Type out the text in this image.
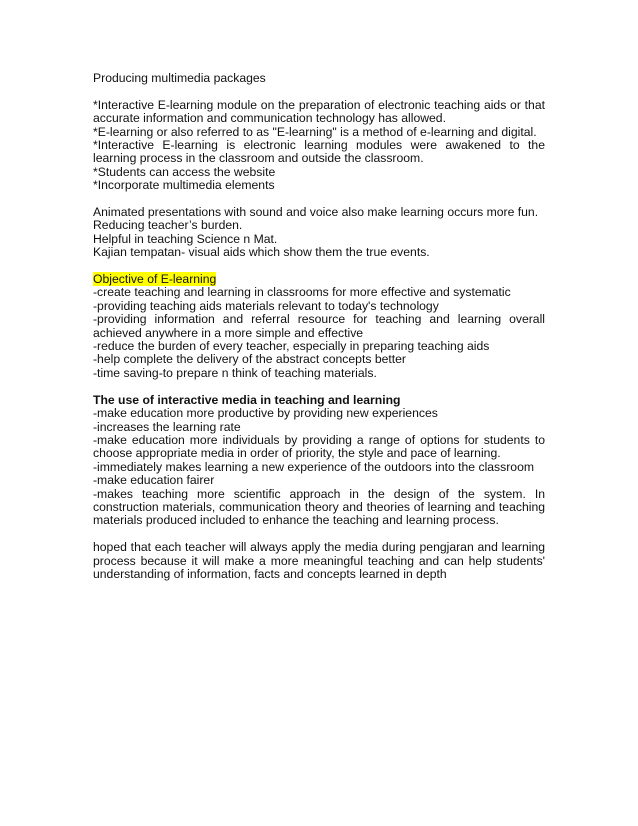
Producing multimedia packages
*Interactive E-learning module on the preparation of electronic teaching aids or that accurate information and communication technology has allowed.
*E-learning or also referred to as "E-learning" is a method of e-learning and digital.
*Interactive E-learning is electronic learning modules were awakened to the learning process in the classroom and outside the classroom.
*Students can access the website
*Incorporate multimedia elements
Animated presentations with sound and voice also make learning occurs more fun.
Reducing teacher’s burden.
Helpful in teaching Science n Mat.
Kajian tempatan- visual aids which show them the true events.
Objective of E-learning
-create teaching and learning in classrooms for more effective and systematic
-providing teaching aids materials relevant to today's technology
-providing information and referral resource for teaching and learning overall achieved anywhere in a more simple and effective
-reduce the burden of every teacher, especially in preparing teaching aids
-help complete the delivery of the abstract concepts better
-time saving-to prepare n think of teaching materials.
The use of interactive media in teaching and learning
-make education more productive by providing new experiences
-increases the learning rate
-make education more individuals by providing a range of options for students to choose appropriate media in order of priority, the style and pace of learning.
-immediately makes learning a new experience of the outdoors into the classroom
-make education fairer
-makes teaching more scientific approach in the design of the system. In construction materials, communication theory and theories of learning and teaching materials produced included to enhance the teaching and learning process.
hoped that each teacher will always apply the media during pengjaran and learning process because it will make a more meaningful teaching and can help students' understanding of information, facts and concepts learned in depth
